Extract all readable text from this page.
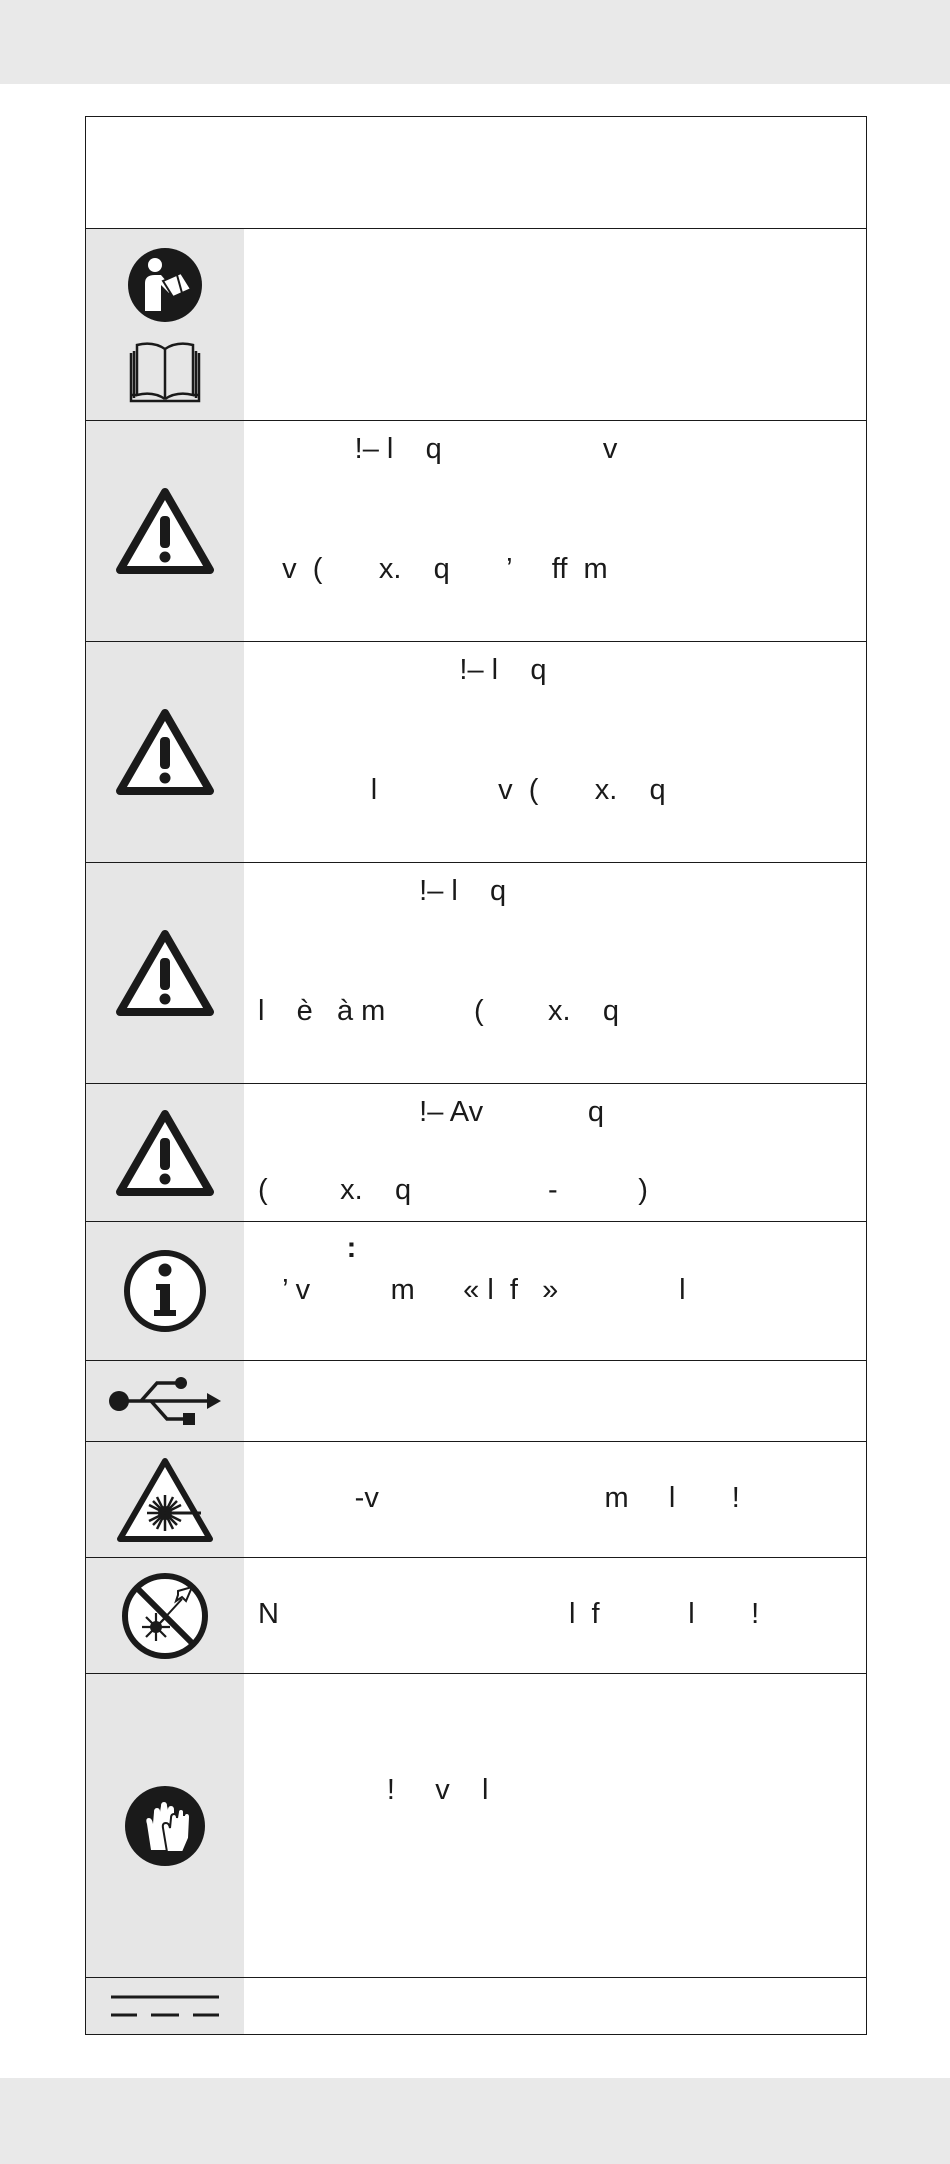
!– l    q                    v
v  (       x.    q       ’     ff  m
!– l    q
l               v  (       x.    q
!– l    q
l    è   à m           (        x.    q
!– Av             q
(         x.    q                 -          )
:
’ v          m      « l  f   »               l
-v                            m     l       !
N                                    l  f           l       !
!     v    l
